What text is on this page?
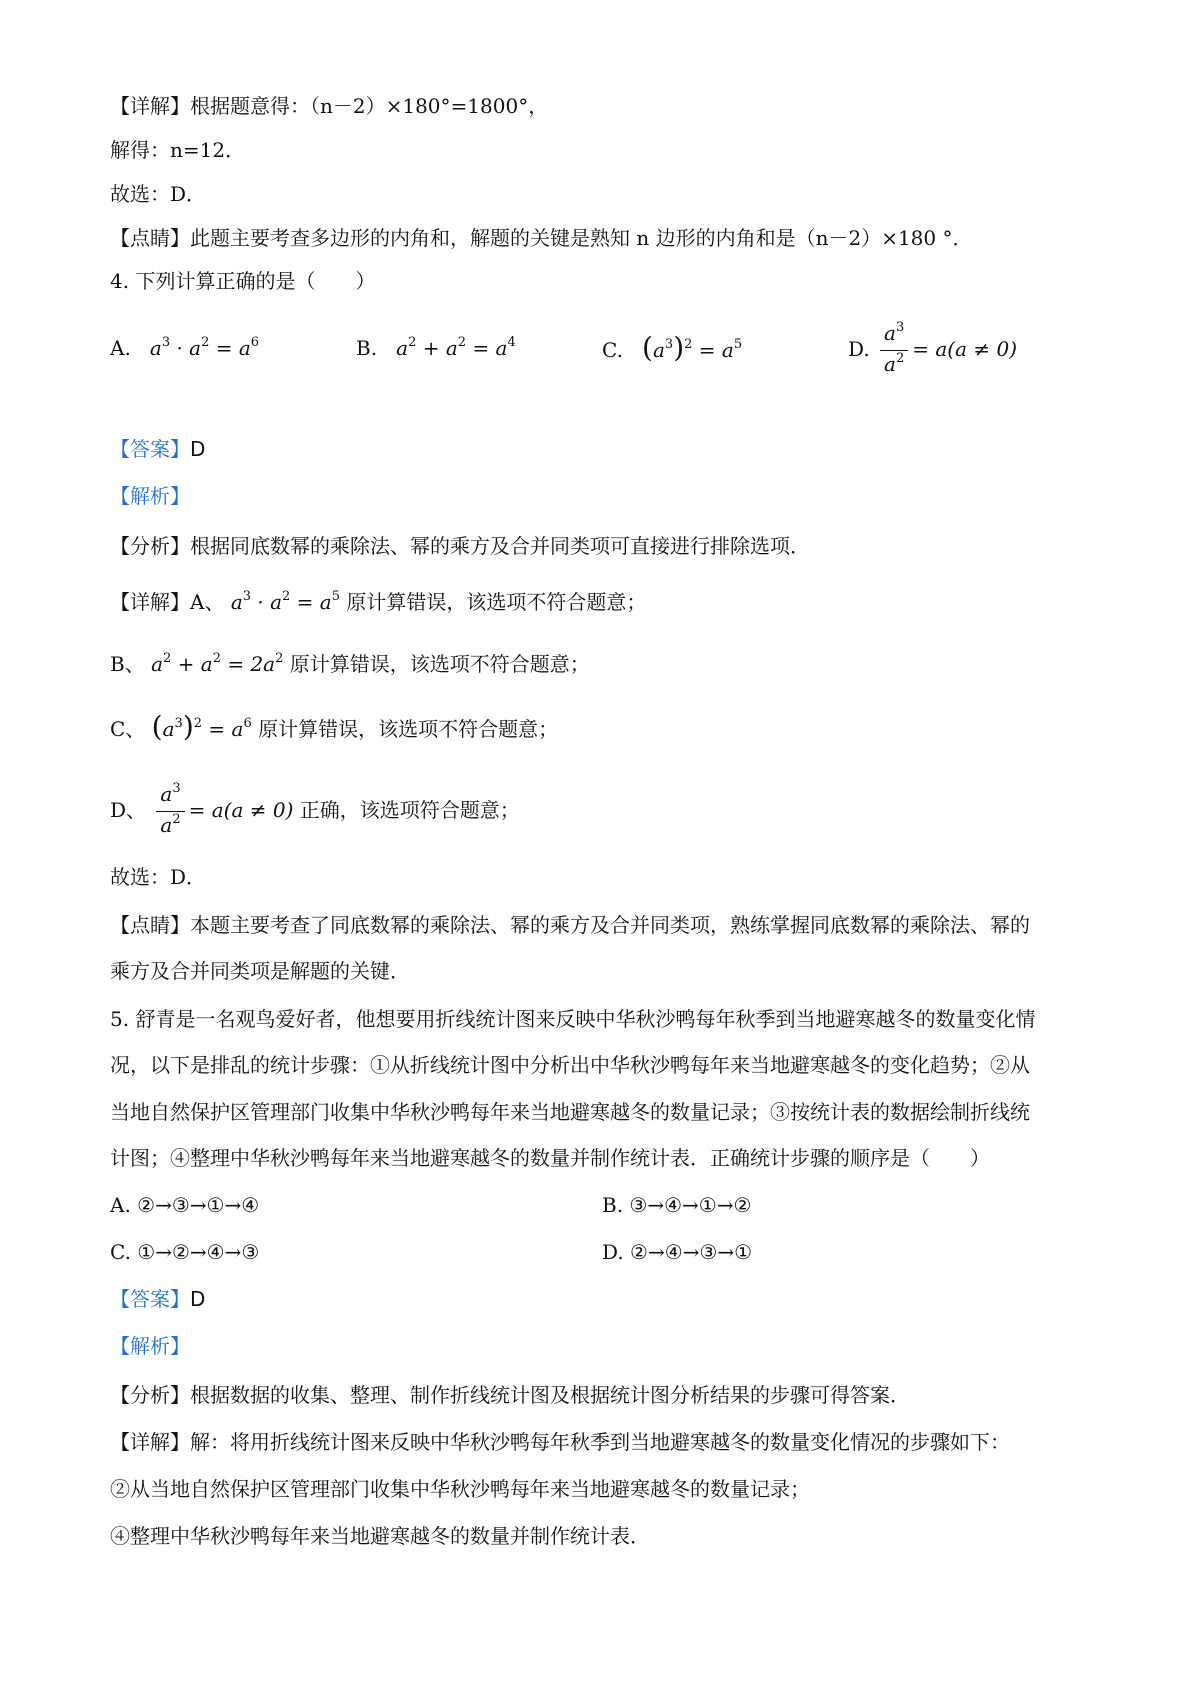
【详解】根据题意得：（n－2）×180°=1800°，
解得：n=12．
故选：D．
【点睛】此题主要考查多边形的内角和，解题的关键是熟知 n 边形的内角和是（n－2）×180 °．
4. 下列计算正确的是（　　）
A.   $a^3 \cdot a^2 = a^6$	B.   $a^2 + a^2 = a^4$	C. $(a^3)^2 = a^5$	D. $\frac{a^3}{a^2} = a(a \ne 0)$
【答案】D
【解析】
【分析】根据同底数幂的乘除法、幂的乘方及合并同类项可直接进行排除选项．
【详解】A、 $a^3 \cdot a^2 = a^5$ 原计算错误，该选项不符合题意；
B、 $a^2 + a^2 = 2a^2$ 原计算错误，该选项不符合题意；
C、 $(a^3)^2 = a^6$ 原计算错误，该选项不符合题意；
D、 $\frac{a^3}{a^2} = a(a \ne 0)$ 正确，该选项符合题意；
故选：D．
【点睛】本题主要考查了同底数幂的乘除法、幂的乘方及合并同类项，熟练掌握同底数幂的乘除法、幂的
乘方及合并同类项是解题的关键．
5. 舒青是一名观鸟爱好者，他想要用折线统计图来反映中华秋沙鸭每年秋季到当地避寒越冬的数量变化情
况，以下是排乱的统计步骤：①从折线统计图中分析出中华秋沙鸭每年来当地避寒越冬的变化趋势；②从
当地自然保护区管理部门收集中华秋沙鸭每年来当地避寒越冬的数量记录；③按统计表的数据绘制折线统
计图；④整理中华秋沙鸭每年来当地避寒越冬的数量并制作统计表．正确统计步骤的顺序是（　　）
A. ②→③→①→④	B. ③→④→①→②
C. ①→②→④→③	D. ②→④→③→①
【答案】D
【解析】
【分析】根据数据的收集、整理、制作折线统计图及根据统计图分析结果的步骤可得答案．
【详解】解：将用折线统计图来反映中华秋沙鸭每年秋季到当地避寒越冬的数量变化情况的步骤如下：
②从当地自然保护区管理部门收集中华秋沙鸭每年来当地避寒越冬的数量记录；
④整理中华秋沙鸭每年来当地避寒越冬的数量并制作统计表．
